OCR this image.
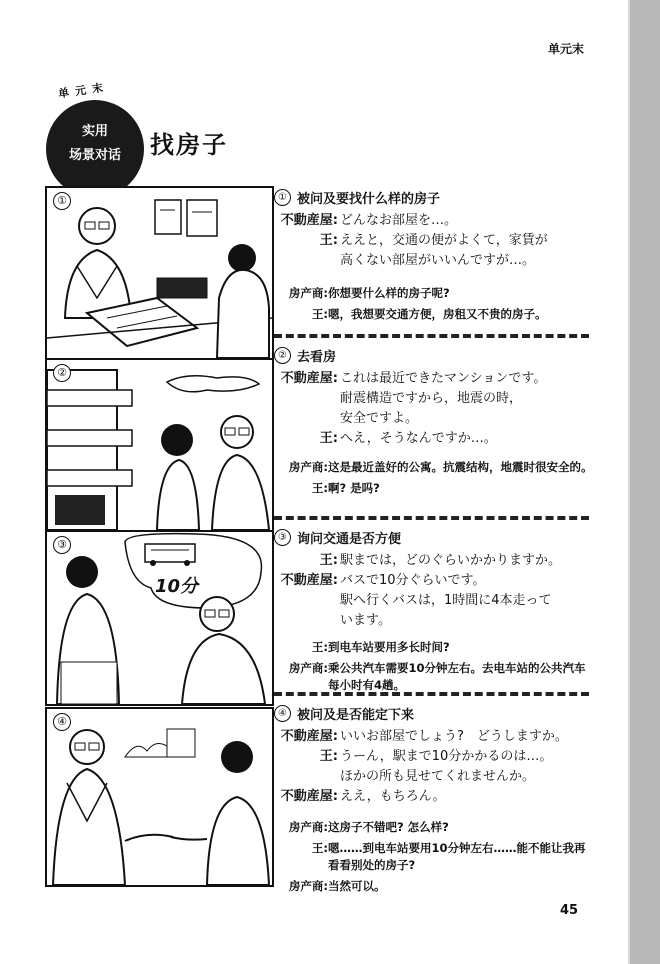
单元末
单元末
实用
场景对话	找房子
①
②
10分
③
④
① 被问及要找什么样的房子
不動産屋: どんなお部屋を…。
王: ええと，交通の便がよくて，家賃が
高くない部屋がいいんですが…。
房产商: 你想要什么样的房子呢?
王: 嗯，我想要交通方便，房租又不贵的房子。
② 去看房
不動産屋: これは最近できたマンションです。
耐震構造ですから，地震の時，
安全ですよ。
王: へえ，そうなんですか…。
房产商: 这是最近盖好的公寓。抗震结构，地震时很安全的。
王: 啊? 是吗?
③ 询问交通是否方便
王: 駅までは，どのぐらいかかりますか。
不動産屋: バスで10分ぐらいです。
駅へ行くバスは，1時間に4本走って
います。
王: 到电车站要用多长时间?
房产商: 乘公共汽车需要10分钟左右。去电车站的公共汽车每小时有4趟。
④ 被问及是否能定下来
不動産屋: いいお部屋でしょう?　どうしますか。
王: うーん，駅まで10分かかるのは…。
ほかの所も見せてくれませんか。
不動産屋: ええ，もちろん。
房产商: 这房子不错吧? 怎么样?
王: 嗯……到电车站要用10分钟左右……能不能让我再看看别处的房子?
房产商: 当然可以。
45
